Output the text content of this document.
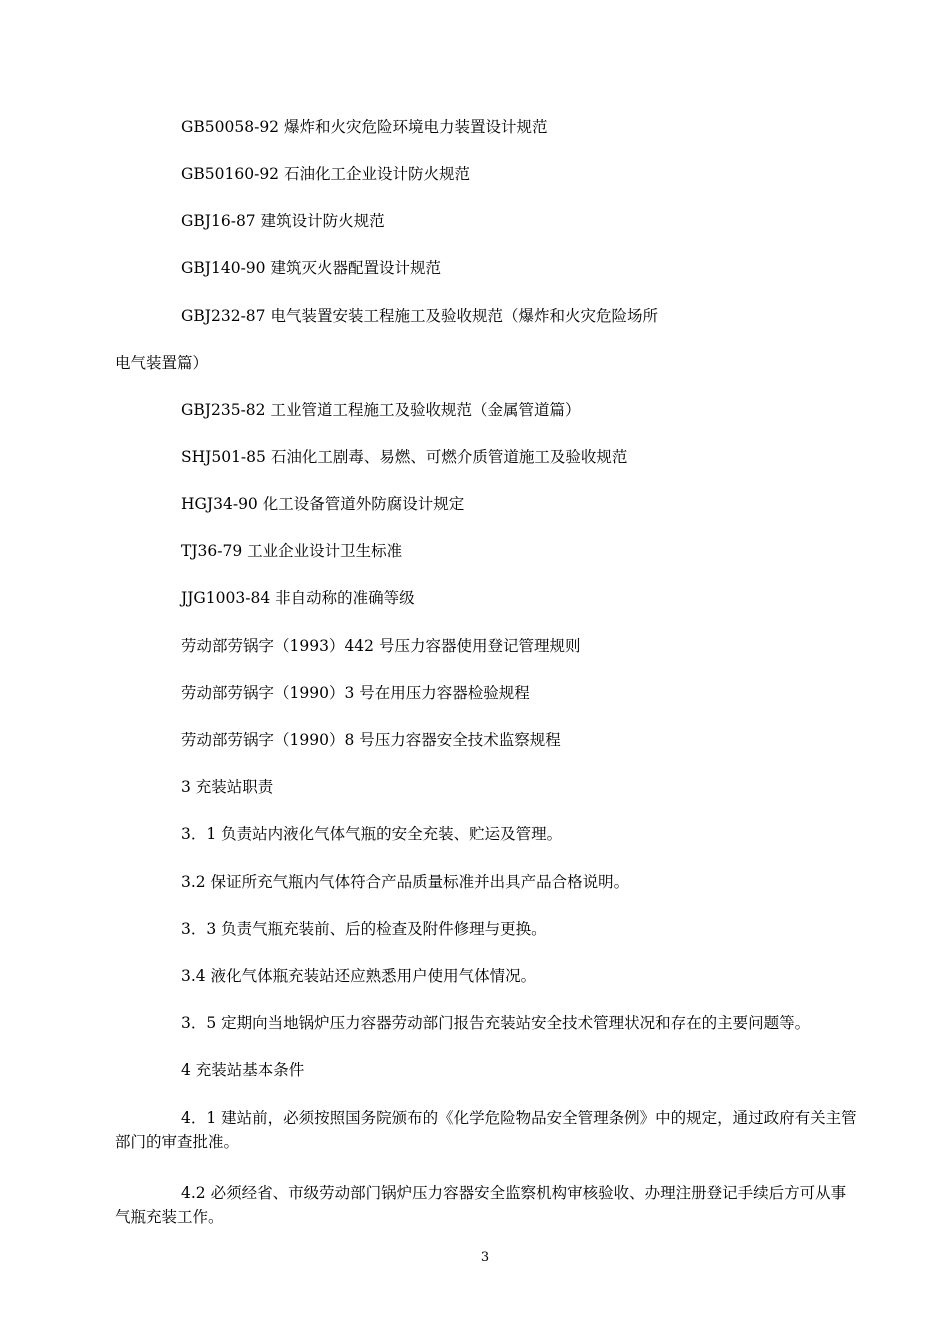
GB50058-92 爆炸和火灾危险环境电力装置设计规范

GB50160-92 石油化工企业设计防火规范

GBJ16-87 建筑设计防火规范

GBJ140-90 建筑灭火器配置设计规范

GBJ232-87 电气装置安装工程施工及验收规范（爆炸和火灾危险场所

电气装置篇）

GBJ235-82 工业管道工程施工及验收规范（金属管道篇）

SHJ501-85 石油化工剧毒、易燃、可燃介质管道施工及验收规范

HGJ34-90 化工设备管道外防腐设计规定

TJ36-79 工业企业设计卫生标准

JJG1003-84 非自动称的准确等级

劳动部劳锅字（1993）442 号压力容器使用登记管理规则

劳动部劳锅字（1990）3 号在用压力容器检验规程

劳动部劳锅字（1990）8 号压力容器安全技术监察规程

3 充装站职责

3．1 负责站内液化气体气瓶的安全充装、贮运及管理。

3.2 保证所充气瓶内气体符合产品质量标准并出具产品合格说明。

3．3 负责气瓶充装前、后的检查及附件修理与更换。

3.4 液化气体瓶充装站还应熟悉用户使用气体情况。

3．5 定期向当地锅炉压力容器劳动部门报告充装站安全技术管理状况和存在的主要问题等。

4 充装站基本条件

4．1 建站前，必须按照国务院颁布的《化学危险物品安全管理条例》中的规定，通过政府有关主管部门的审查批准。

4.2 必须经省、市级劳动部门锅炉压力容器安全监察机构审核验收、办理注册登记手续后方可从事气瓶充装工作。

3
